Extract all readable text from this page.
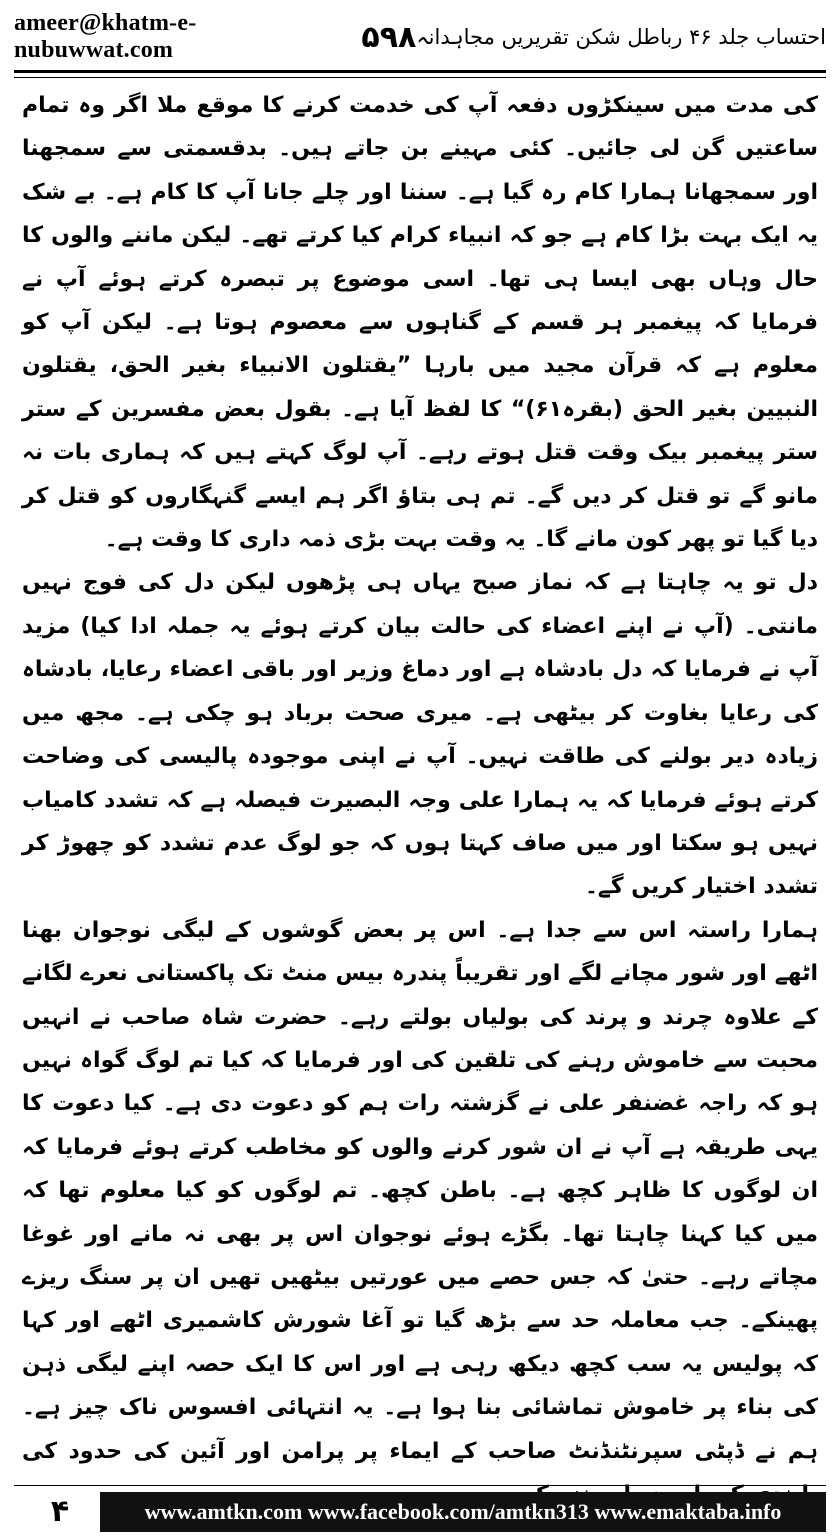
ameer@khatm-e-nubuwwat.com	۵۹۸ احتساب جلد ۴۶ رباطل شکن تقریریں مجاہدانہ

کی مدت میں سینکڑوں دفعہ آپ کی خدمت کرنے کا موقع ملا اگر وہ تمام ساعتیں گن لی جائیں۔ کئی مہینے بن جاتے ہیں۔ بدقسمتی سے سمجھنا اور سمجھانا ہمارا کام رہ گیا ہے۔ سننا اور چلے جانا آپ کا کام ہے۔ بے شک یہ ایک بہت بڑا کام ہے جو کہ انبیاء کرام کیا کرتے تھے۔ لیکن ماننے والوں کا حال وہاں بھی ایسا ہی تھا۔ اسی موضوع پر تبصرہ کرتے ہوئے آپ نے فرمایا کہ پیغمبر ہر قسم کے گناہوں سے معصوم ہوتا ہے۔ لیکن آپ کو معلوم ہے کہ قرآن مجید میں بارہا ”یقتلون الانبیاء بغیر الحق، یقتلون النبیین بغیر الحق (بقرہ۶۱)“ کا لفظ آیا ہے۔ بقول بعض مفسرین کے ستر ستر پیغمبر بیک وقت قتل ہوتے رہے۔ آپ لوگ کہتے ہیں کہ ہماری بات نہ مانو گے تو قتل کر دیں گے۔ تم ہی بتاؤ اگر ہم ایسے گنہگاروں کو قتل کر دیا گیا تو پھر کون مانے گا۔ یہ وقت بہت بڑی ذمہ داری کا وقت ہے۔

دل تو یہ چاہتا ہے کہ نماز صبح یہاں ہی پڑھوں لیکن دل کی فوج نہیں مانتی۔ (آپ نے اپنے اعضاء کی حالت بیان کرتے ہوئے یہ جملہ ادا کیا) مزید آپ نے فرمایا کہ دل بادشاہ ہے اور دماغ وزیر اور باقی اعضاء رعایا، بادشاہ کی رعایا بغاوت کر بیٹھی ہے۔ میری صحت برباد ہو چکی ہے۔ مجھ میں زیادہ دیر بولنے کی طاقت نہیں۔ آپ نے اپنی موجودہ پالیسی کی وضاحت کرتے ہوئے فرمایا کہ یہ ہمارا علی وجہ البصیرت فیصلہ ہے کہ تشدد کامیاب نہیں ہو سکتا اور میں صاف کہتا ہوں کہ جو لوگ عدم تشدد کو چھوڑ کر تشدد اختیار کریں گے۔

ہمارا راستہ اس سے جدا ہے۔ اس پر بعض گوشوں کے لیگی نوجوان بھنا اٹھے اور شور مچانے لگے اور تقریباً پندرہ بیس منٹ تک پاکستانی نعرے لگانے کے علاوہ چرند و پرند کی بولیاں بولتے رہے۔ حضرت شاہ صاحب نے انہیں محبت سے خاموش رہنے کی تلقین کی اور فرمایا کہ کیا تم لوگ گواہ نہیں ہو کہ راجہ غضنفر علی نے گزشتہ رات ہم کو دعوت دی ہے۔ کیا دعوت کا یہی طریقہ ہے آپ نے ان شور کرنے والوں کو مخاطب کرتے ہوئے فرمایا کہ ان لوگوں کا ظاہر کچھ ہے۔ باطن کچھ۔ تم لوگوں کو کیا معلوم تھا کہ میں کیا کہنا چاہتا تھا۔ بگڑے ہوئے نوجوان اس پر بھی نہ مانے اور غوغا مچاتے رہے۔ حتیٰ کہ جس حصے میں عورتیں بیٹھیں تھیں ان پر سنگ ریزے پھینکے۔ جب معاملہ حد سے بڑھ گیا تو آغا شورش کاشمیری اٹھے اور کہا کہ پولیس یہ سب کچھ دیکھ رہی ہے اور اس کا ایک حصہ اپنے لیگی ذہن کی بناء پر خاموش تماشائی بنا ہوا ہے۔ یہ انتہائی افسوس ناک چیز ہے۔ ہم نے ڈپٹی سپرنٹنڈنٹ صاحب کے ایماء پر پرامن اور آئین کی حدود کی

۴	www.amtkn.com www.facebook.com/amtkn313 www.emaktaba.info
